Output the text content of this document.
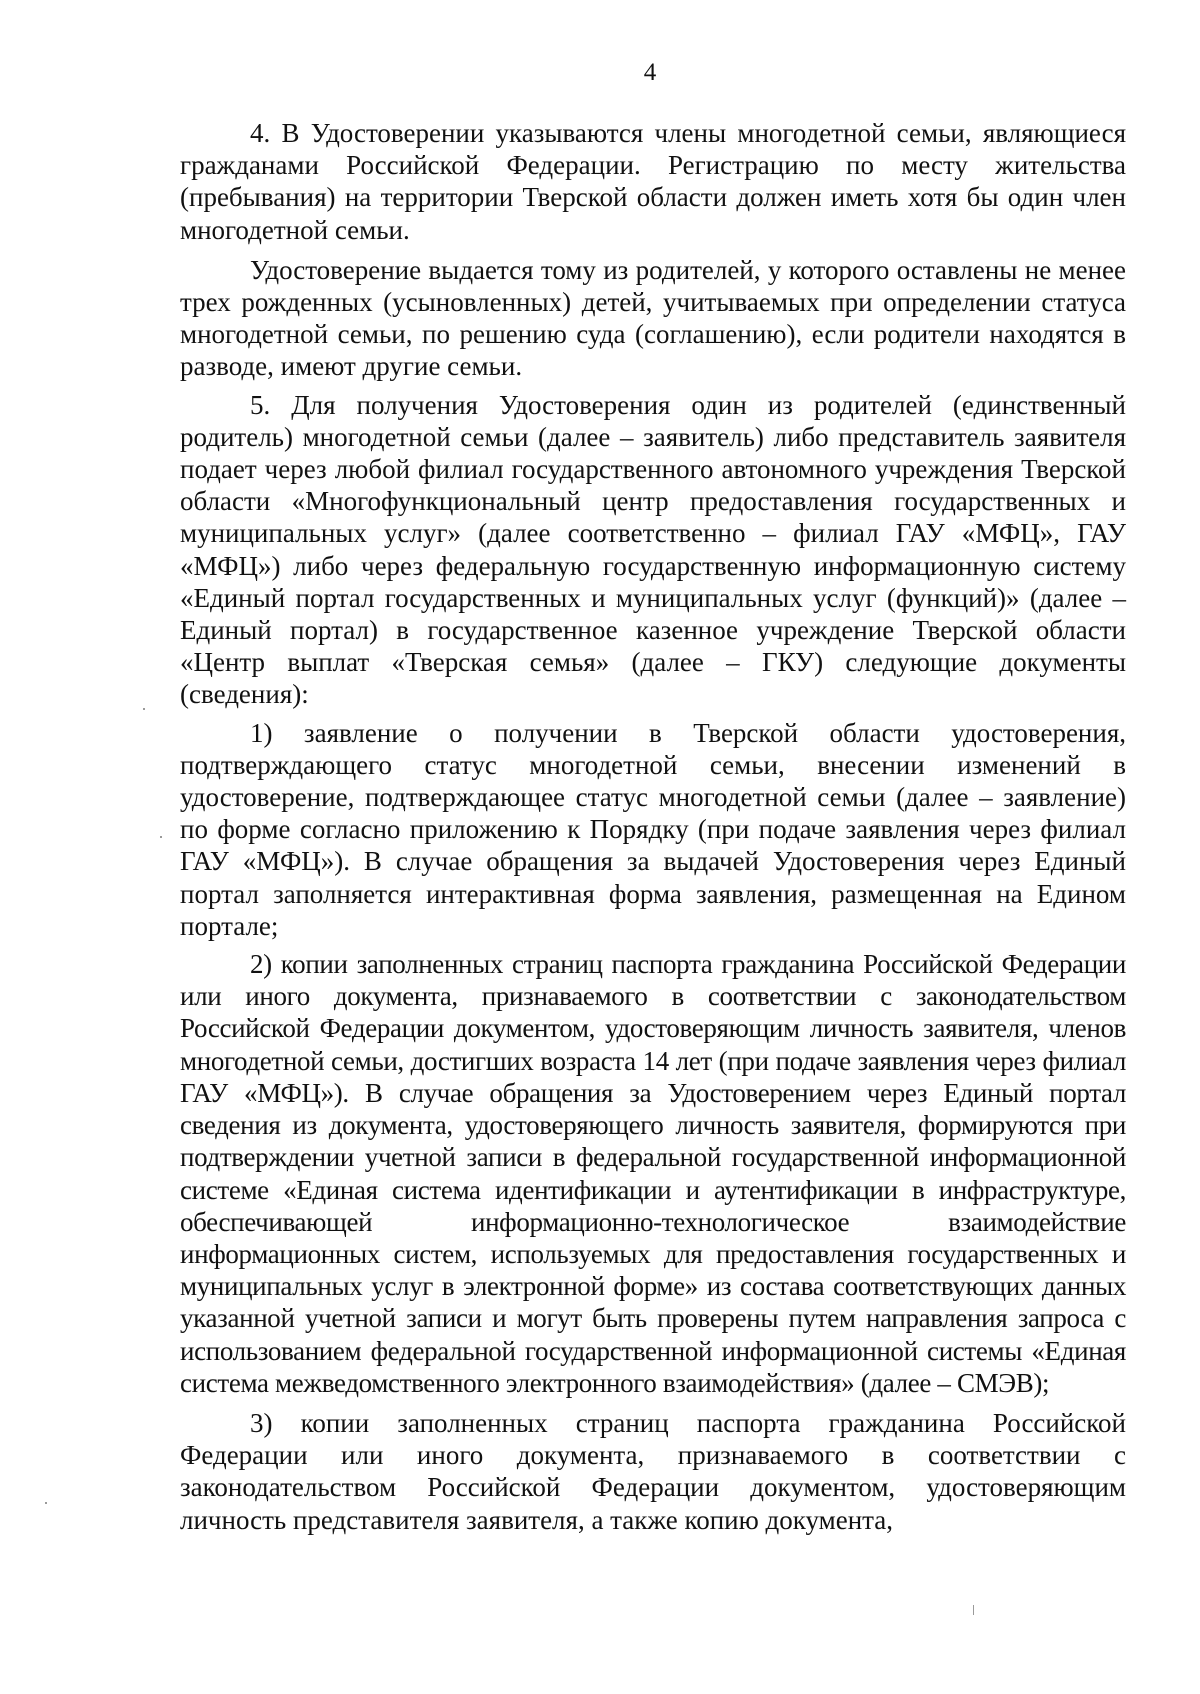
4

4. В Удостоверении указываются члены многодетной семьи, являющиеся гражданами Российской Федерации. Регистрацию по месту жительства (пребывания) на территории Тверской области должен иметь хотя бы один член многодетной семьи.

Удостоверение выдается тому из родителей, у которого оставлены не менее трех рожденных (усыновленных) детей, учитываемых при определении статуса многодетной семьи, по решению суда (соглашению), если родители находятся в разводе, имеют другие семьи.

5. Для получения Удостоверения один из родителей (единственный родитель) многодетной семьи (далее – заявитель) либо представитель заявителя подает через любой филиал государственного автономного учреждения Тверской области «Многофункциональный центр предоставления государственных и муниципальных услуг» (далее соответственно – филиал ГАУ «МФЦ», ГАУ «МФЦ») либо через федеральную государственную информационную систему «Единый портал государственных и муниципальных услуг (функций)» (далее – Единый портал) в государственное казенное учреждение Тверской области «Центр выплат «Тверская семья» (далее – ГКУ) следующие документы (сведения):

1) заявление о получении в Тверской области удостоверения, подтверждающего статус многодетной семьи, внесении изменений в удостоверение, подтверждающее статус многодетной семьи (далее – заявление) по форме согласно приложению к Порядку (при подаче заявления через филиал ГАУ «МФЦ»). В случае обращения за выдачей Удостоверения через Единый портал заполняется интерактивная форма заявления, размещенная на Едином портале;

2) копии заполненных страниц паспорта гражданина Российской Федерации или иного документа, признаваемого в соответствии с законодательством Российской Федерации документом, удостоверяющим личность заявителя, членов многодетной семьи, достигших возраста 14 лет (при подаче заявления через филиал ГАУ «МФЦ»). В случае обращения за Удостоверением через Единый портал сведения из документа, удостоверяющего личность заявителя, формируются при подтверждении учетной записи в федеральной государственной информационной системе «Единая система идентификации и аутентификации в инфраструктуре, обеспечивающей информационно-технологическое взаимодействие информационных систем, используемых для предоставления государственных и муниципальных услуг в электронной форме» из состава соответствующих данных указанной учетной записи и могут быть проверены путем направления запроса с использованием федеральной государственной информационной системы «Единая система межведомственного электронного взаимодействия» (далее – СМЭВ);

3) копии заполненных страниц паспорта гражданина Российской Федерации или иного документа, признаваемого в соответствии с законодательством Российской Федерации документом, удостоверяющим личность представителя заявителя, а также копию документа,
